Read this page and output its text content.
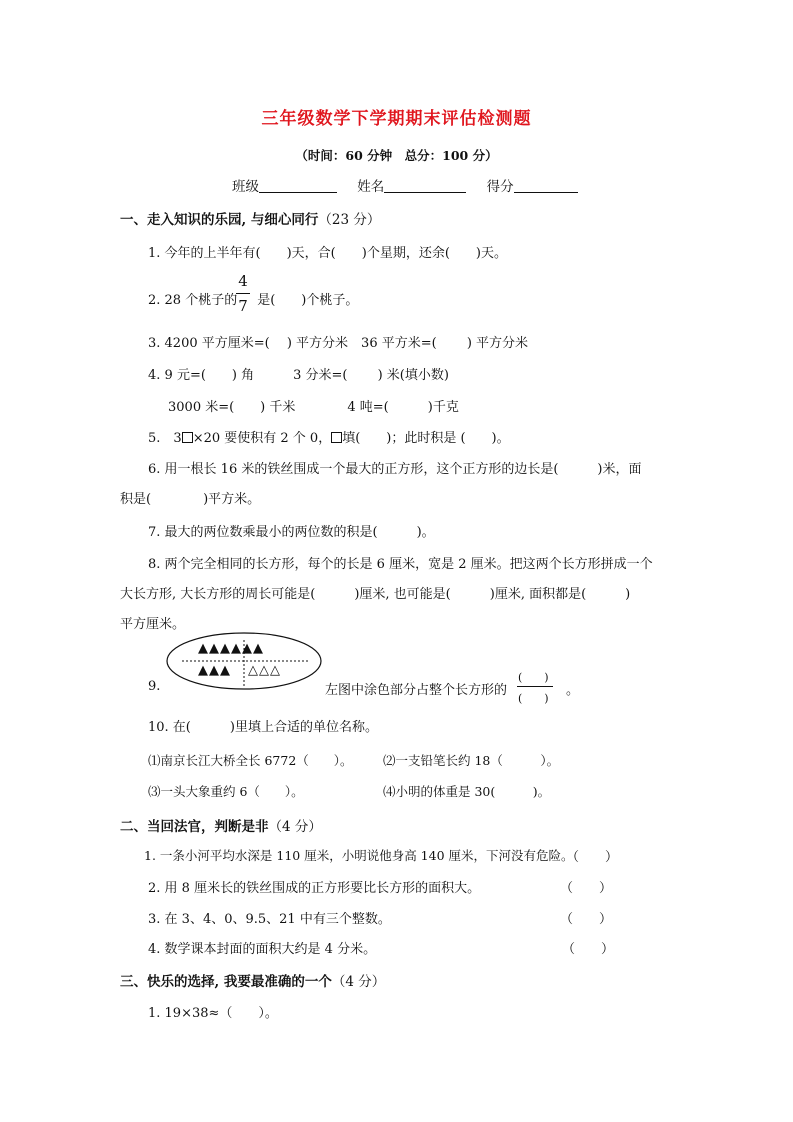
三年级数学下学期期末评估检测题
（时间：60 分钟　总分：100 分）
班级	姓名	得分
一、走入知识的乐园, 与细心同行（23 分）
1. 今年的上半年有(　　)天，合(　　)个星期，还余(　　)天。
2. 28 个桃子的 是(　　)个桃子。
4
7
3. 4200 平方厘米=(　 ) 平方分米　36 平方米=(　　 ) 平方分米
4. 9 元=(　　) 角　　　3 分米=(　　 ) 米(填小数)
3000 米=(　　) 千米　　　　4 吨=(　　　)千克
5.　3 ×20 要使积有 2 个 0， 填(　　)；此时积是 (　　)。
6. 用一根长 16 米的铁丝围成一个最大的正方形，这个正方形的边长是(　　　)米，面
积是(　　　　)平方米。
7. 最大的两位数乘最小的两位数的积是(　　　)。
8. 两个完全相同的长方形，每个的长是 6 厘米，宽是 2 厘米。把这两个长方形拼成一个
大长方形, 大长方形的周长可能是(　　　)厘米, 也可能是(　　　)厘米, 面积都是(　　　)
平方厘米。
▲▲▲▲▲▲
▲▲▲ △△△
9.	左图中涂色部分占整个长方形的
(　　)
(　　)
。
10. 在(　　　)里填上合适的单位名称。
⑴南京长江大桥全长 6772（　　）。 ⑵一支铅笔长约 18（　　　）。
⑶一头大象重约 6（　　）。	⑷小明的体重是 30(　　　)。
二、当回法官，判断是非（4 分）
1. 一条小河平均水深是 110 厘米，小明说他身高 140 厘米，下河没有危险。
（　　）
2. 用 8 厘米长的铁丝围成的正方形要比长方形的面积大。	（　　）
3. 在 3、4、0、9.5、21 中有三个整数。	（　　）
4. 数学课本封面的面积大约是 4 分米。	（　　）
三、快乐的选择, 我要最准确的一个（4 分）
1. 19×38≈（　　）。
